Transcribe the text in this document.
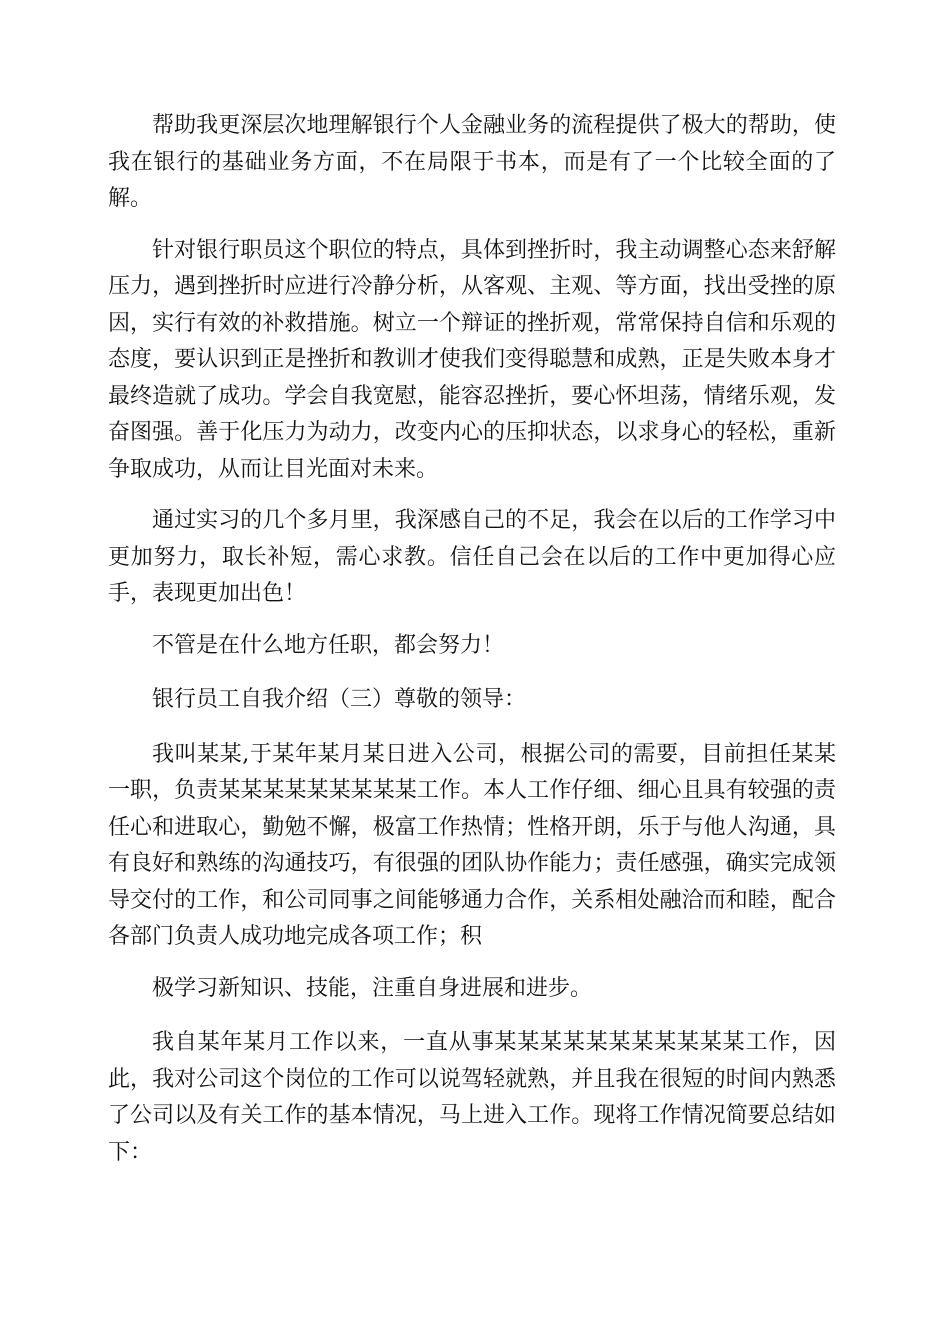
帮助我更深层次地理解银行个人金融业务的流程提供了极大的帮助，使我在银行的基础业务方面，不在局限于书本，而是有了一个比较全面的了解。

针对银行职员这个职位的特点，具体到挫折时，我主动调整心态来舒解压力，遇到挫折时应进行冷静分析，从客观、主观、等方面，找出受挫的原因，实行有效的补救措施。树立一个辩证的挫折观，常常保持自信和乐观的态度，要认识到正是挫折和教训才使我们变得聪慧和成熟，正是失败本身才最终造就了成功。学会自我宽慰，能容忍挫折，要心怀坦荡，情绪乐观，发奋图强。善于化压力为动力，改变内心的压抑状态，以求身心的轻松，重新争取成功，从而让目光面对未来。

通过实习的几个多月里，我深感自己的不足，我会在以后的工作学习中更加努力，取长补短，需心求教。信任自己会在以后的工作中更加得心应手，表现更加出色！

不管是在什么地方任职，都会努力！

银行员工自我介绍（三）尊敬的领导：

我叫某某,于某年某月某日进入公司，根据公司的需要，目前担任某某一职，负责某某某某某某某某某工作。本人工作仔细、细心且具有较强的责任心和进取心，勤勉不懈，极富工作热情；性格开朗，乐于与他人沟通，具有良好和熟练的沟通技巧，有很强的团队协作能力；责任感强，确实完成领导交付的工作，和公司同事之间能够通力合作，关系相处融洽而和睦，配合各部门负责人成功地完成各项工作；积

极学习新知识、技能，注重自身进展和进步。

我自某年某月工作以来，一直从事某某某某某某某某某某某工作，因此，我对公司这个岗位的工作可以说驾轻就熟，并且我在很短的时间内熟悉了公司以及有关工作的基本情况，马上进入工作。现将工作情况简要总结如下：
